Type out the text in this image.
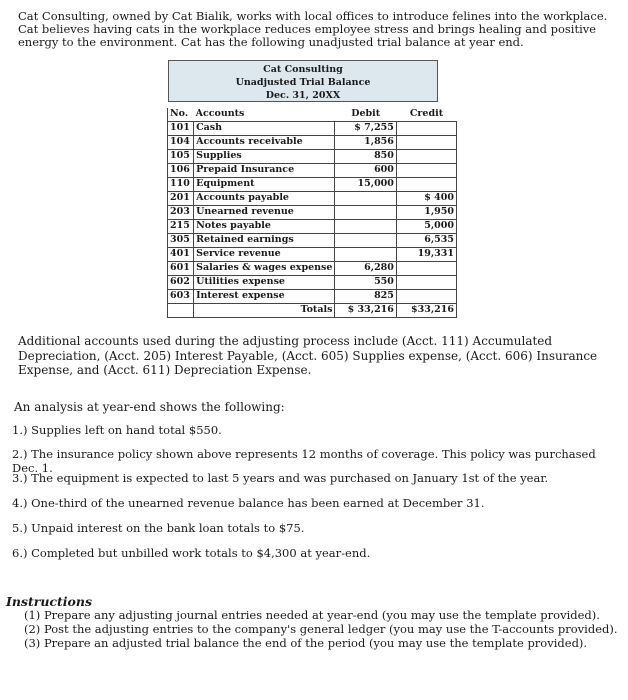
Cat Consulting, owned by Cat Bialik, works with local offices to introduce felines into the workplace. Cat believes having cats in the workplace reduces employee stress and brings healing and positive energy to the environment. Cat has the following unadjusted trial balance at year end.

Cat Consulting
Unadjusted Trial Balance
Dec. 31, 20XX
No.	Accounts	Debit	Credit
101	Cash	$ 7,255	
104	Accounts receivable	1,856	
105	Supplies	850	
106	Prepaid Insurance	600	
110	Equipment	15,000	
201	Accounts payable		$ 400
203	Unearned revenue		1,950
215	Notes payable		5,000
305	Retained earnings		6,535
401	Service revenue		19,331
601	Salaries & wages expense	6,280	
602	Utilities expense	550	
603	Interest expense	825	
	Totals	$ 33,216	$33,216

Additional accounts used during the adjusting process include (Acct. 111) Accumulated Depreciation, (Acct. 205) Interest Payable, (Acct. 605) Supplies expense, (Acct. 606) Insurance Expense, and (Acct. 611) Depreciation Expense.

An analysis at year-end shows the following:

1.) Supplies left on hand total $550.

2.) The insurance policy shown above represents 12 months of coverage. This policy was purchased Dec. 1.

3.) The equipment is expected to last 5 years and was purchased on January 1st of the year.

4.) One-third of the unearned revenue balance has been earned at December 31.

5.) Unpaid interest on the bank loan totals to $75.

6.) Completed but unbilled work totals to $4,300 at year-end.

Instructions

(1) Prepare any adjusting journal entries needed at year-end (you may use the template provided).

(2) Post the adjusting entries to the company's general ledger (you may use the T-accounts provided).

(3) Prepare an adjusted trial balance the end of the period (you may use the template provided).
